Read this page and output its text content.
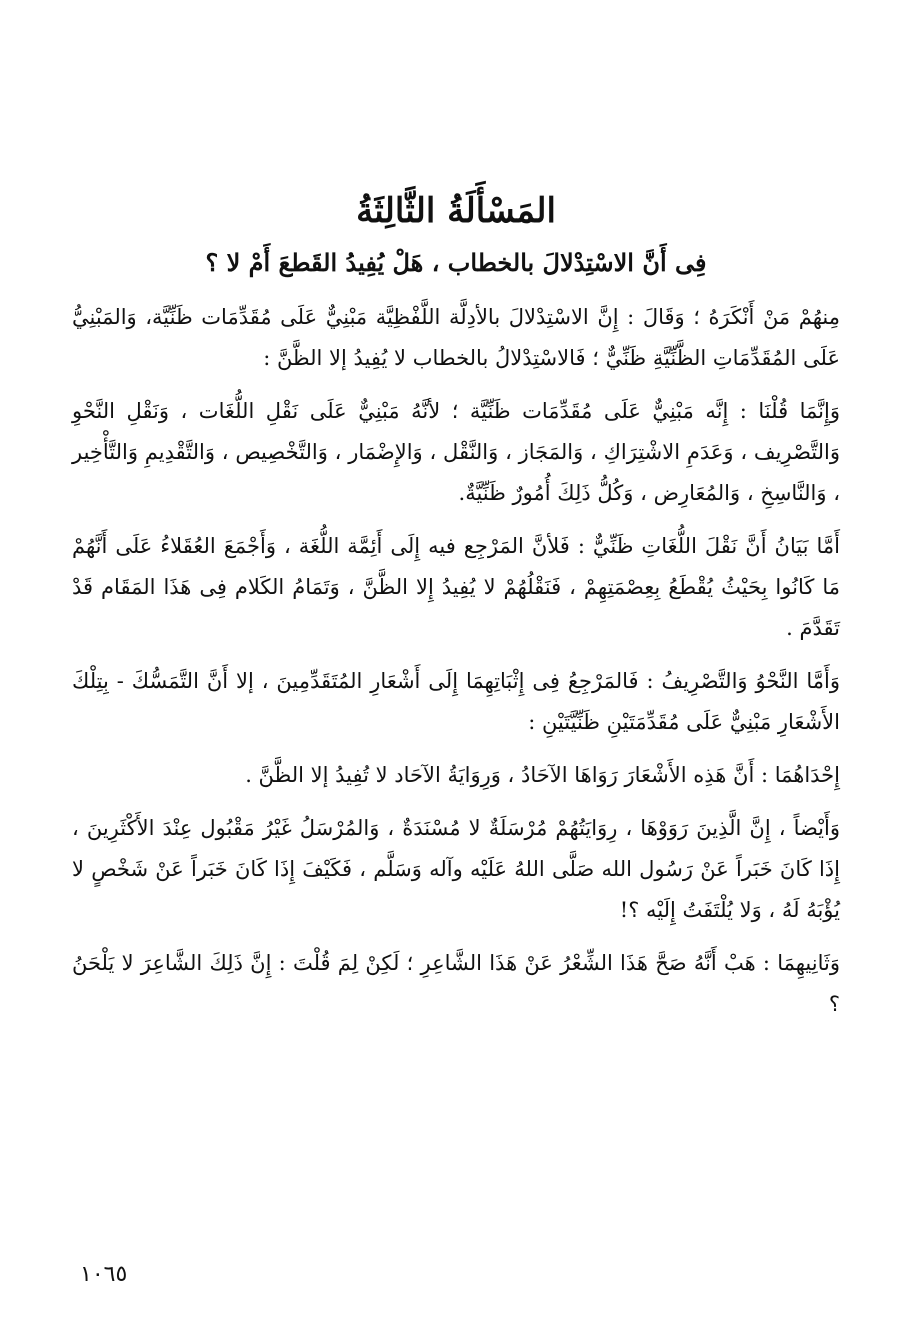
المَسْأَلَةُ الثَّالِثَةُ
فِى أَنَّ الاسْتِدْلالَ بالخطاب ، هَلْ يُفِيدُ القَطعَ أَمْ لا ؟

مِنهُمْ مَنْ أَنْكَرَهُ ؛ وَقَالَ : إِنَّ الاسْتِدْلالَ بالأدِلَّة اللَّفْظِيَّة مَبْنِيٌّ عَلَى مُقَدِّمَات ظَنِّيَّة، وَالمَبْنِيُّ عَلَى المُقَدِّمَاتِ الظَّنِّيَّةِ ظَنِّيٌّ ؛ فَالاسْتِدْلالُ بالخطاب لا يُفِيدُ إلا الظَّنَّ :

وَإِنَّمَا قُلْنَا : إِنَّه مَبْنِيٌّ عَلَى مُقَدِّمَات ظَنِّيَّة ؛ لأنَّهُ مَبْنِيٌّ عَلَى نَقْلِ اللُّغَات ، وَنَقْلِ النَّحْوِ وَالتَّصْرِيف ، وَعَدَمِ الاشْتِرَاكِ ، وَالمَجَاز ، وَالنَّقْل ، وَالإِضْمَار ، وَالتَّخْصِيص ، وَالتَّقْدِيمِ وَالتَّأْخِير ، وَالنَّاسِخِ ، وَالمُعَارِض ، وَكُلُّ ذَلِكَ أُمُورٌ ظَنِّيَّةٌ.

أَمَّا بَيَانُ أَنَّ نَقْلَ اللُّغَاتِ ظَنِّيٌّ : فَلأنَّ المَرْجِع فيه إِلَى أَئِمَّة اللُّغَة ، وَأَجْمَعَ العُقَلاءُ عَلَى أَنَّهُمْ مَا كَانُوا بِحَيْثُ يُقْطَعُ بِعِصْمَتِهِمْ ، فَنَقْلُهُمْ لا يُفِيدُ إِلا الظَّنَّ ، وَتَمَامُ الكَلام فِى هَذَا المَقَام قَدْ تَقَدَّمَ .

وَأَمَّا النَّحْوُ وَالتَّصْرِيفُ : فَالمَرْجِعُ فِى إِثْبَاتِهِمَا إِلَى أَشْعَارِ المُتَقَدِّمِينَ ، إلا أَنَّ التَّمَسُّكَ - بِتِلْكَ الأَشْعَارِ مَبْنِيٌّ عَلَى مُقَدِّمَتَيْنِ ظَنِّيَّتَيْنِ :

إِحْدَاهُمَا : أَنَّ هَذِه الأَشْعَارَ رَوَاهَا الآحَادُ ، وَرِوَايَةُ الآحَاد لا تُفِيدُ إلا الظَّنَّ .

وَأَيْضاً ، إِنَّ الَّذِينَ رَوَوْهَا ، رِوَايَتُهُمْ مُرْسَلَةٌ لا مُسْنَدَةٌ ، وَالمُرْسَلُ غَيْرُ مَقْبُول عِنْدَ الأَكْثَرِينَ ، إِذَا كَانَ خَبَراً عَنْ رَسُول الله صَلَّى اللهُ عَلَيْه وآله وَسَلَّم ، فَكَيْفَ إِذَا كَانَ خَبَراً عَنْ شَخْصٍ لا يُؤْبَهُ لَهُ ، وَلا يُلْتَفَتُ إِلَيْه ؟!

وَثَانِيهِمَا : هَبْ أَنَّهُ صَحَّ هَذَا الشِّعْرُ عَنْ هَذَا الشَّاعِرِ ؛ لَكِنْ لِمَ قُلْتَ : إِنَّ ذَلِكَ الشَّاعِرَ لا يَلْحَنُ ؟

١٠٦٥
